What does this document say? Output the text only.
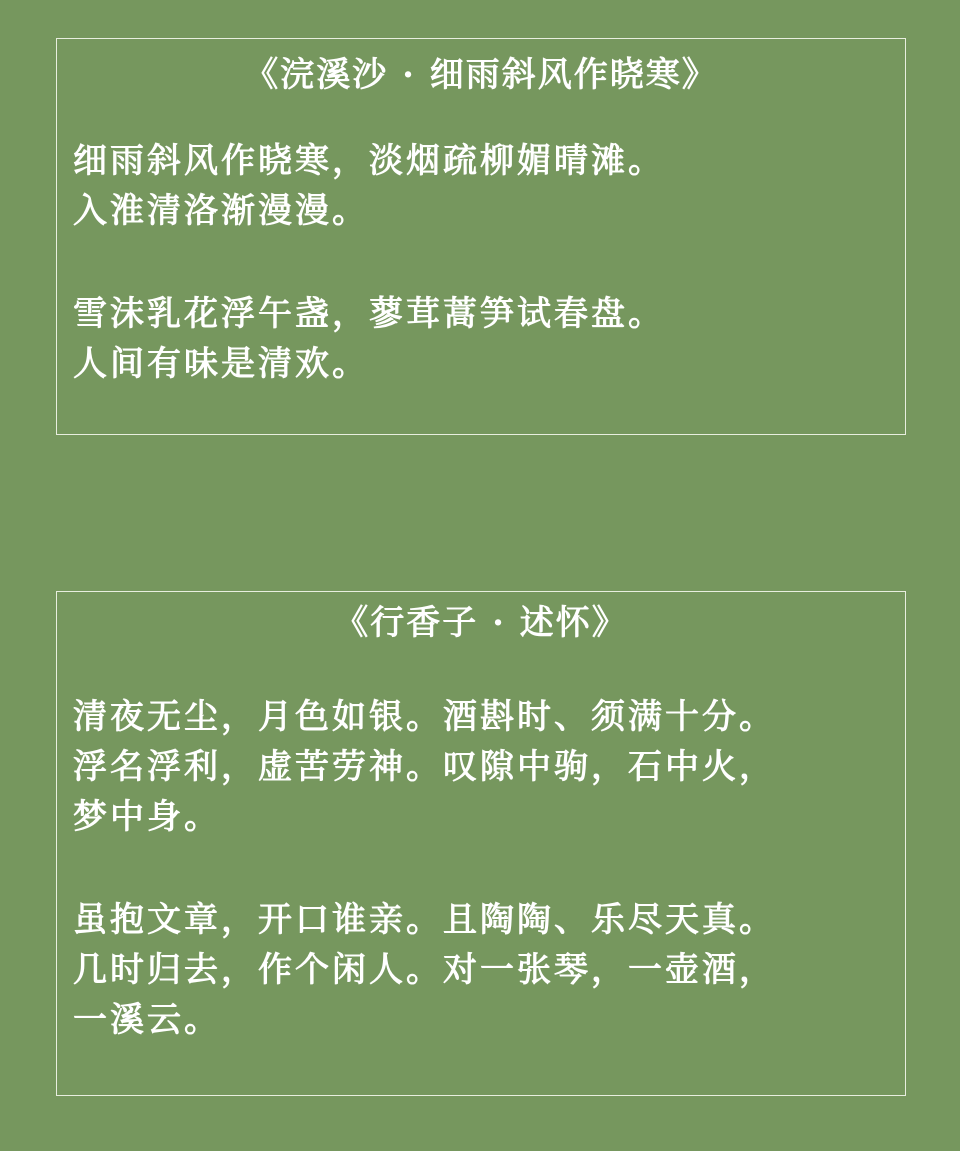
《浣溪沙 · 细雨斜风作晓寒》
细雨斜风作晓寒，淡烟疏柳媚晴滩。
入淮清洛渐漫漫。
雪沫乳花浮午盏，蓼茸蒿笋试春盘。
人间有味是清欢。
《行香子 · 述怀》
清夜无尘，月色如银。酒斟时、须满十分。
浮名浮利，虚苦劳神。叹隙中驹，石中火，
梦中身。
虽抱文章，开口谁亲。且陶陶、乐尽天真。
几时归去，作个闲人。对一张琴，一壶酒，
一溪云。
